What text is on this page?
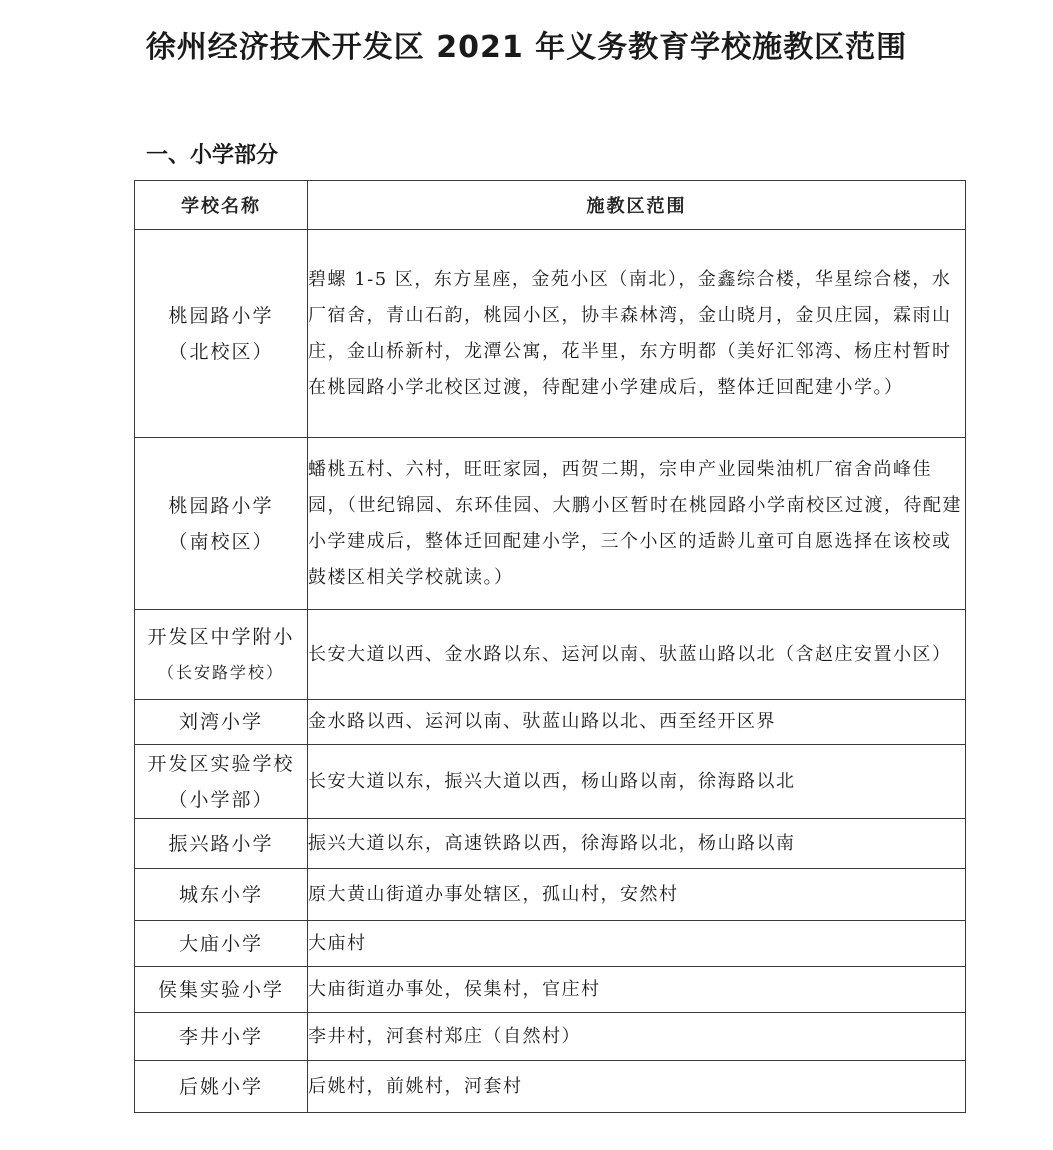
徐州经济技术开发区 2021 年义务教育学校施教区范围
一、小学部分
学校名称	施教区范围

桃园路小学
（北校区）	碧螺 1-5 区，东方星座，金苑小区（南北），金鑫综合楼，华星综合楼，水厂宿舍，青山石韵，桃园小区，协丰森林湾，金山晓月，金贝庄园，霖雨山庄，金山桥新村，龙潭公寓，花半里，东方明都（美好汇邻湾、杨庄村暂时在桃园路小学北校区过渡，待配建小学建成后，整体迁回配建小学。）

桃园路小学
（南校区）	蟠桃五村、六村，旺旺家园，西贺二期，宗申产业园柴油机厂宿舍尚峰佳园，（世纪锦园、东环佳园、大鹏小区暂时在桃园路小学南校区过渡，待配建小学建成后，整体迁回配建小学，三个小区的适龄儿童可自愿选择在该校或鼓楼区相关学校就读。）

开发区中学附小
（长安路学校）	长安大道以西、金水路以东、运河以南、驮蓝山路以北（含赵庄安置小区）

刘湾小学	金水路以西、运河以南、驮蓝山路以北、西至经开区界

开发区实验学校
（小学部）	长安大道以东，振兴大道以西，杨山路以南，徐海路以北

振兴路小学	振兴大道以东，高速铁路以西，徐海路以北，杨山路以南

城东小学	原大黄山街道办事处辖区，孤山村，安然村

大庙小学	大庙村

侯集实验小学	大庙街道办事处，侯集村，官庄村

李井小学	李井村，河套村郑庄（自然村）

后姚小学	后姚村，前姚村，河套村
